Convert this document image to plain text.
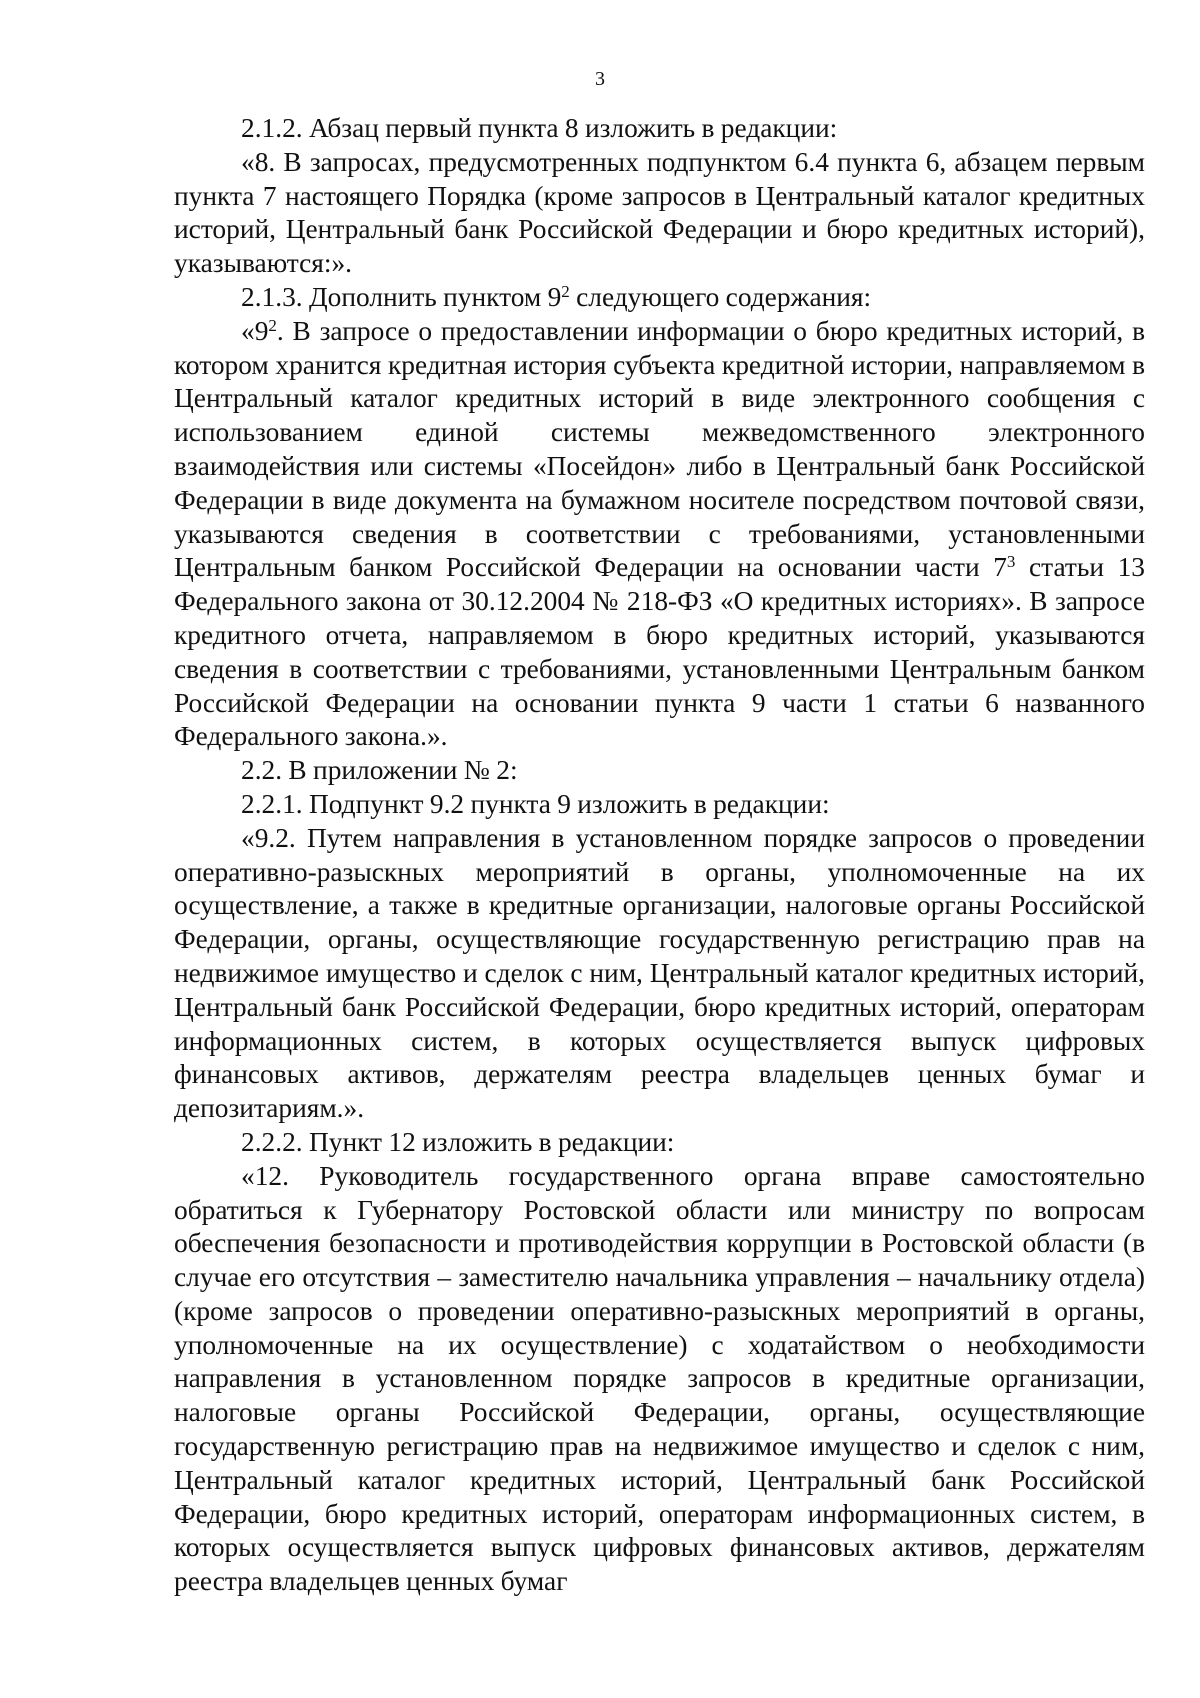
3

2.1.2. Абзац первый пункта 8 изложить в редакции:

«8. В запросах, предусмотренных подпунктом 6.4 пункта 6, абзацем первым пункта 7 настоящего Порядка (кроме запросов в Центральный каталог кредитных историй, Центральный банк Российской Федерации и бюро кредитных историй), указываются:».

2.1.3. Дополнить пунктом $9^2$ следующего содержания:

«$9^2$. В запросе о предоставлении информации о бюро кредитных историй, в котором хранится кредитная история субъекта кредитной истории, направляемом в Центральный каталог кредитных историй в виде электронного сообщения с использованием единой системы межведомственного электронного взаимодействия или системы «Посейдон» либо в Центральный банк Российской Федерации в виде документа на бумажном носителе посредством почтовой связи, указываются сведения в соответствии с требованиями, установленными Центральным банком Российской Федерации на основании части $7^3$ статьи 13 Федерального закона от 30.12.2004 № 218-ФЗ «О кредитных историях». В запросе кредитного отчета, направляемом в бюро кредитных историй, указываются сведения в соответствии с требованиями, установленными Центральным банком Российской Федерации на основании пункта 9 части 1 статьи 6 названного Федерального закона.».

2.2. В приложении № 2:

2.2.1. Подпункт 9.2 пункта 9 изложить в редакции:

«9.2. Путем направления в установленном порядке запросов о проведении оперативно-разыскных мероприятий в органы, уполномоченные на их осуществление, а также в кредитные организации, налоговые органы Российской Федерации, органы, осуществляющие государственную регистрацию прав на недвижимое имущество и сделок с ним, Центральный каталог кредитных историй, Центральный банк Российской Федерации, бюро кредитных историй, операторам информационных систем, в которых осуществляется выпуск цифровых финансовых активов, держателям реестра владельцев ценных бумаг и депозитариям.».

2.2.2. Пункт 12 изложить в редакции:

«12. Руководитель государственного органа вправе самостоятельно обратиться к Губернатору Ростовской области или министру по вопросам обеспечения безопасности и противодействия коррупции в Ростовской области (в случае его отсутствия – заместителю начальника управления – начальнику отдела) (кроме запросов о проведении оперативно-разыскных мероприятий в органы, уполномоченные на их осуществление) с ходатайством о необходимости направления в установленном порядке запросов в кредитные организации, налоговые органы Российской Федерации, органы, осуществляющие государственную регистрацию прав на недвижимое имущество и сделок с ним, Центральный каталог кредитных историй, Центральный банк Российской Федерации, бюро кредитных историй, операторам информационных систем, в которых осуществляется выпуск цифровых финансовых активов, держателям реестра владельцев ценных бумаг
